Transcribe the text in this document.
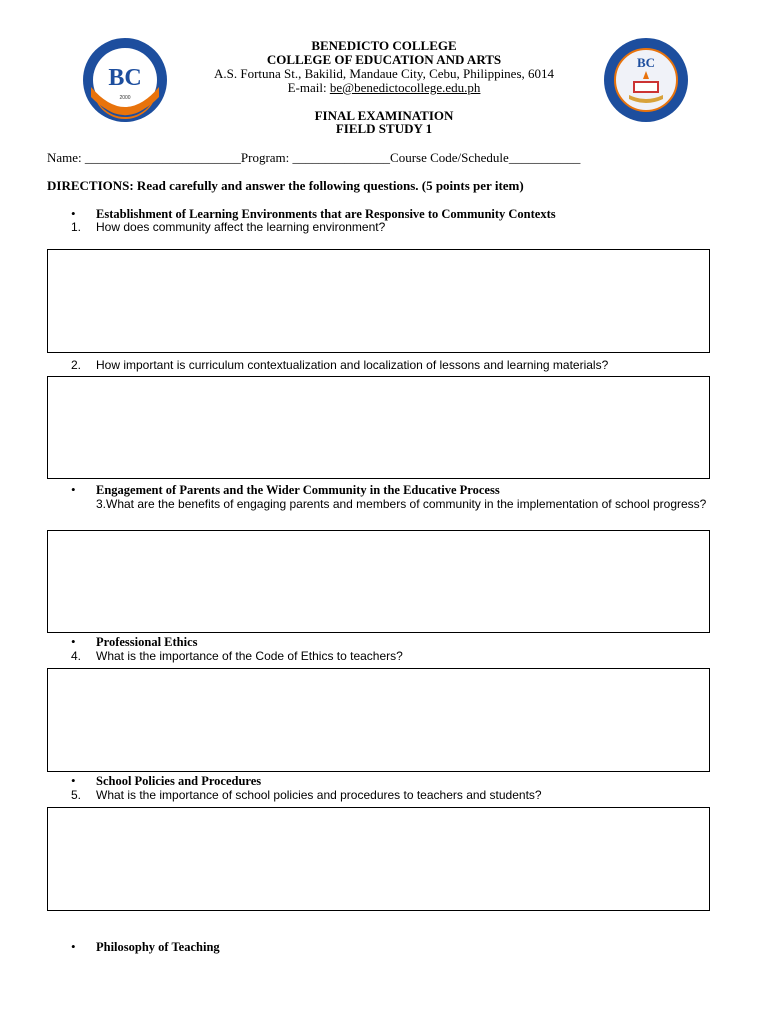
BC
2000
BC
BENEDICTO COLLEGE
COLLEGE OF EDUCATION AND ARTS
A.S. Fortuna St., Bakilid, Mandaue City, Cebu, Philippines, 6014
E-mail: be@benedictocollege.edu.ph
FINAL EXAMINATION
FIELD STUDY 1
Name: ________________________Program: _______________Course Code/Schedule___________
DIRECTIONS: Read carefully and answer the following questions. (5 points per item)
• Establishment of Learning Environments that are Responsive to Community Contexts
1. How does community affect the learning environment?
2. How important is curriculum contextualization and localization of lessons and learning materials?
• Engagement of Parents and the Wider Community in the Educative Process
3.What are the benefits of engaging parents and members of community in the implementation of school progress?
• Professional Ethics
4. What is the importance of the Code of Ethics to teachers?
• School Policies and Procedures
5. What is the importance of school policies and procedures to teachers and students?
• Philosophy of Teaching
